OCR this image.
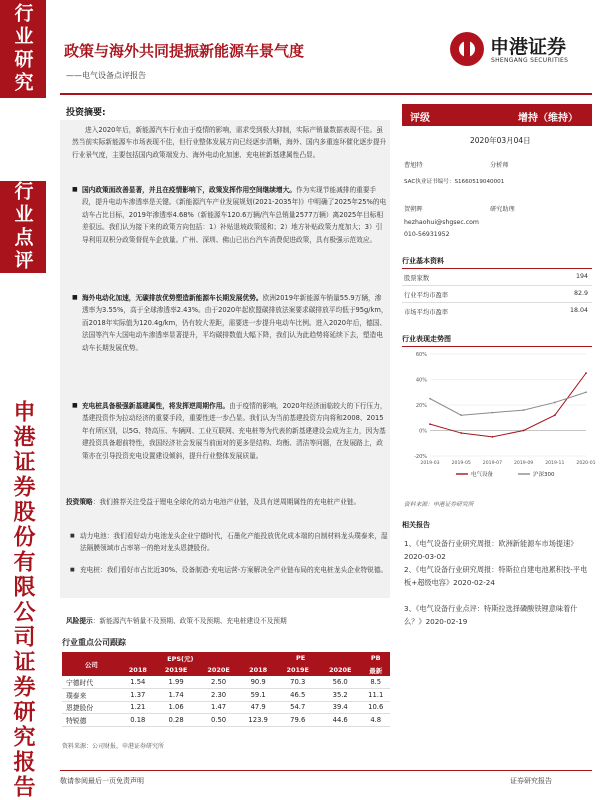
行业研究
行业点评
申港证券股份有限公司证券研究报告
政策与海外共同提振新能源车景气度
——电气设备点评报告
申港证券
SHENGANG SECURITIES
投资摘要:
进入2020年后，新能源汽车行业由于疫情的影响，需求受到极大抑制，实际产销量数据表现不佳。虽然当前实际新能源车市场表现不佳，但行业整体发展方向已经逐步清晰，海外、国内多重连环催化逐步提升行业景气度，主要包括国内政策端发力、海外电动化加速、充电桩新基建属性凸显。
■ 国内政策面改善显著，并且在疫情影响下，政策发挥作用空间继续增大。作为实现节能减排的重要手段，提升电动车渗透率是关键。《新能源汽车产业发展规划(2021-2035年)》中明确了2025年25%的电动车占比目标，2019年渗透率4.68%（新能源车120.6万辆/汽车总销量2577万辆）离2025年目标相差很远。我们认为接下来的政策方向包括：1）补贴退坡政策缓和；2）地方补贴政策力度加大；3）引导利用双积分政策督促车企放量。广州、深圳、佛山已出台汽车消费促进政策，具有极强示范效应。
■ 海外电动化加速，无碳排放优势塑造新能源车长期发展优势。欧洲2019年新能源车销量55.9万辆，渗透率为3.55%，高于全球渗透率2.43%。由于2020年起欧盟碳排放法案要求碳排放平均低于95g/km，而2018年实际值为120.4g/km，仍有较大差距，需要进一步提升电动车比例。进入2020年后，德国、法国等汽车大国电动车渗透率显著提升，平均碳排数值大幅下降，我们认为此趋势将延续下去，塑造电动车长期发展优势。
■ 充电桩具备极强新基建属性，将发挥逆周期作用。由于疫情的影响，2020年经济面临较大的下行压力，基建投资作为拉动经济的重要手段，重要性进一步凸显。我们认为当前基建投资方向将和2008、2015年有所区别，以5G、特高压、车辆网、工业互联网、充电桩等为代表的新基建建设会成为主力，因为基建投资具备超前特性，我国经济社会发展当前面对的更多是结构、均衡、清洁等问题，在发展路上，政策亦在引导投资充电设置建设倾斜，提升行业整体发展质量。
投资策略：我们推荐关注受益于锂电全球化的动力电池产业链，及具有逆周期属性的充电桩产业链。
■ 动力电池：我们看好动力电池龙头企业宁德时代，石墨化产能投放优化成本端的自制材料龙头璞泰来，湿法隔膜领域市占率第一的绝对龙头恩捷股份。
■ 充电桩：我们看好市占比近30%、设备制造-充电运营-方案解决全产业链布局的充电桩龙头企业特锐德。
风险提示：新能源汽车销量不及预期、政策不及预期、充电桩建设不及预期
行业重点公司跟踪
公司	EPS(元)			PE			PB
	2018	2019E	2020E	2018	2019E	2020E	最新
宁德时代	1.54	1.99	2.50	90.9	70.3	56.0	8.5
璞泰来	1.37	1.74	2.30	59.1	46.5	35.2	11.1
恩捷股份	1.21	1.06	1.47	47.9	54.7	39.4	10.6
特锐德	0.18	0.28	0.50	123.9	79.6	44.6	4.8
资料来源：公司财报，申港证券研究所
评级	增持（维持）
2020年03月04日
曹旭特	分析师
SAC执业证书编号：S1660519040001
贺朝晖	研究助理
hezhaohui@shgsec.com
010-56931952
行业基本资料
股票家数	194
行业平均市盈率	82.9
市场平均市盈率	18.04
行业表现走势图
-20%
0%
20%
40%
60%
2019-03	2019-05	2019-07	2019-09	2019-11	2020-01
电气设备	沪深300
资料来源：申港证券研究所
相关报告
1、《电气设备行业研究周报：欧洲新能源车市场提速》2020-03-02
2、《电气设备行业研究周报：特斯拉自建电池累积技-平电板+超级电容》2020-02-24
3、《电气设备行业点评：特斯拉选择磷酸铁锂意味着什么？》2020-02-19
敬请参阅最后一页免责声明	证券研究报告
